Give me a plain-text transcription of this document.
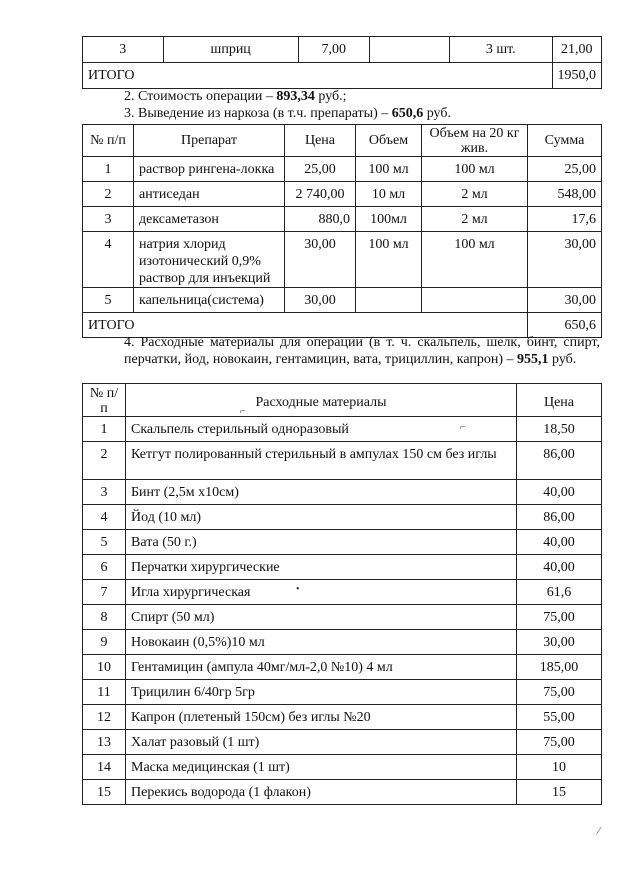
3	шприц	7,00		3 шт.	21,00
ИТОГО					1950,0
2. Стоимость операции – 893,34 руб.;
3. Выведение из наркоза (в т.ч. препараты) – 650,6 руб.
№ п/п	Препарат	Цена	Объем	Объем на 20 кг жив.	Сумма
1	раствор рингена-локка	25,00	100 мл	100 мл	25,00
2	антиседан	2 740,00	10 мл	2 мл	548,00
3	дексаметазон	880,0	100мл	2 мл	17,6
4	натрия хлорид изотонический 0,9% раствор для инъекций	30,00	100 мл	100 мл	30,00
5	капельница(система)	30,00			30,00
ИТОГО					650,6
4. Расходные материалы для операции (в т. ч. скальпель, шелк, бинт, спирт, перчатки, йод, новокаин, гентамицин, вата, трициллин, капрон) – 955,1 руб.
№ п/п	Расходные материалы	Цена
1	Скальпель стерильный одноразовый	18,50
2	Кетгут полированный стерильный в ампулах 150 см без иглы	86,00
3	Бинт (2,5м х10см)	40,00
4	Йод (10 мл)	86,00
5	Вата (50 г.)	40,00
6	Перчатки хирургические	40,00
7	Игла хирургическая	61,6
8	Спирт (50 мл)	75,00
9	Новокаин (0,5%)10 мл	30,00
10	Гентамицин (ампула 40мг/мл-2,0 №10) 4 мл	185,00
11	Трицилин 6/40гр 5гр	75,00
12	Капрон (плетеный 150см) без иглы №20	55,00
13	Халат разовый (1 шт)	75,00
14	Маска медицинская (1 шт)	10
15	Перекись водорода (1 флакон)	15
⌐
⌐
•
⁄
